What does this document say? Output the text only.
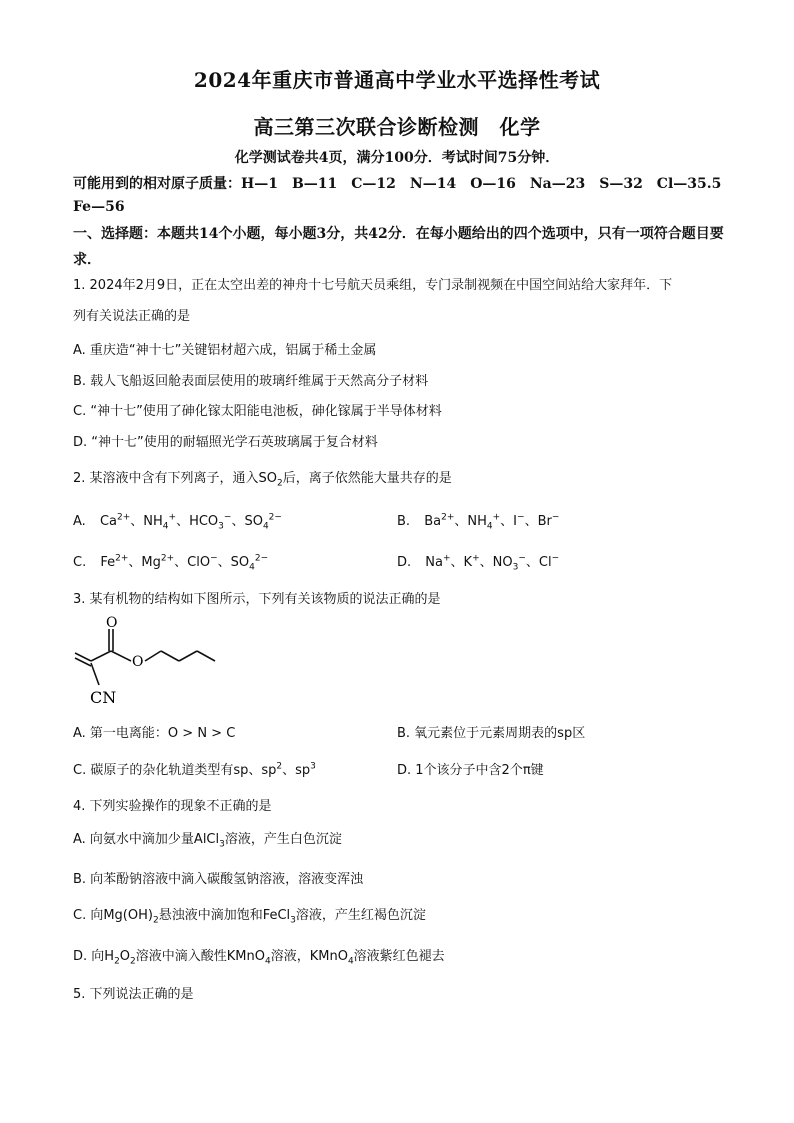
2024年重庆市普通高中学业水平选择性考试
高三第三次联合诊断检测　化学
化学测试卷共4页，满分100分．考试时间75分钟．
可能用到的相对原子质量：H—1　B—11　C—12　N—14　O—16　Na—23　S—32　Cl—35.5
Fe—56
一、选择题：本题共14个小题，每小题3分，共42分．在每小题给出的四个选项中，只有一项符合题目要求．
1. 2024年2月9日，正在太空出差的神舟十七号航天员乘组，专门录制视频在中国空间站给大家拜年．下
列有关说法正确的是
A. 重庆造“神十七”关键铝材超六成，铝属于稀土金属
B. 载人飞船返回舱表面层使用的玻璃纤维属于天然高分子材料
C. “神十七”使用了砷化镓太阳能电池板，砷化镓属于半导体材料
D. “神十七”使用的耐辐照光学石英玻璃属于复合材料
2. 某溶液中含有下列离子，通入$SO_2$后，离子依然能大量共存的是
A. $Ca^{2+}$、$NH_4^+$、$HCO_3^-$、$SO_4^{2-}$	B. $Ba^{2+}$、$NH_4^+$、I−、Br−
C. $Fe^{2+}$、$Mg^{2+}$、ClO−、$SO_4^{2-}$	D. Na+、K+、$NO_3^-$、Cl−
3. 某有机物的结构如下图所示，下列有关该物质的说法正确的是
O
O
CN
A. 第一电离能：O > N > C	B. 氧元素位于元素周期表的sp区
C. 碳原子的杂化轨道类型有sp、$sp^2$、$sp^3$	D. 1个该分子中含2个π键
4. 下列实验操作的现象不正确的是
A. 向氨水中滴加少量AlCl$_3$溶液，产生白色沉淀
B. 向苯酚钠溶液中滴入碳酸氢钠溶液，溶液变浑浊
C. 向$Mg(OH)_2$悬浊液中滴加饱和FeCl$_3$溶液，产生红褐色沉淀
D. 向$H_2O_2$溶液中滴入酸性KMnO$_4$溶液，KMnO$_4$溶液紫红色褪去
5. 下列说法正确的是
